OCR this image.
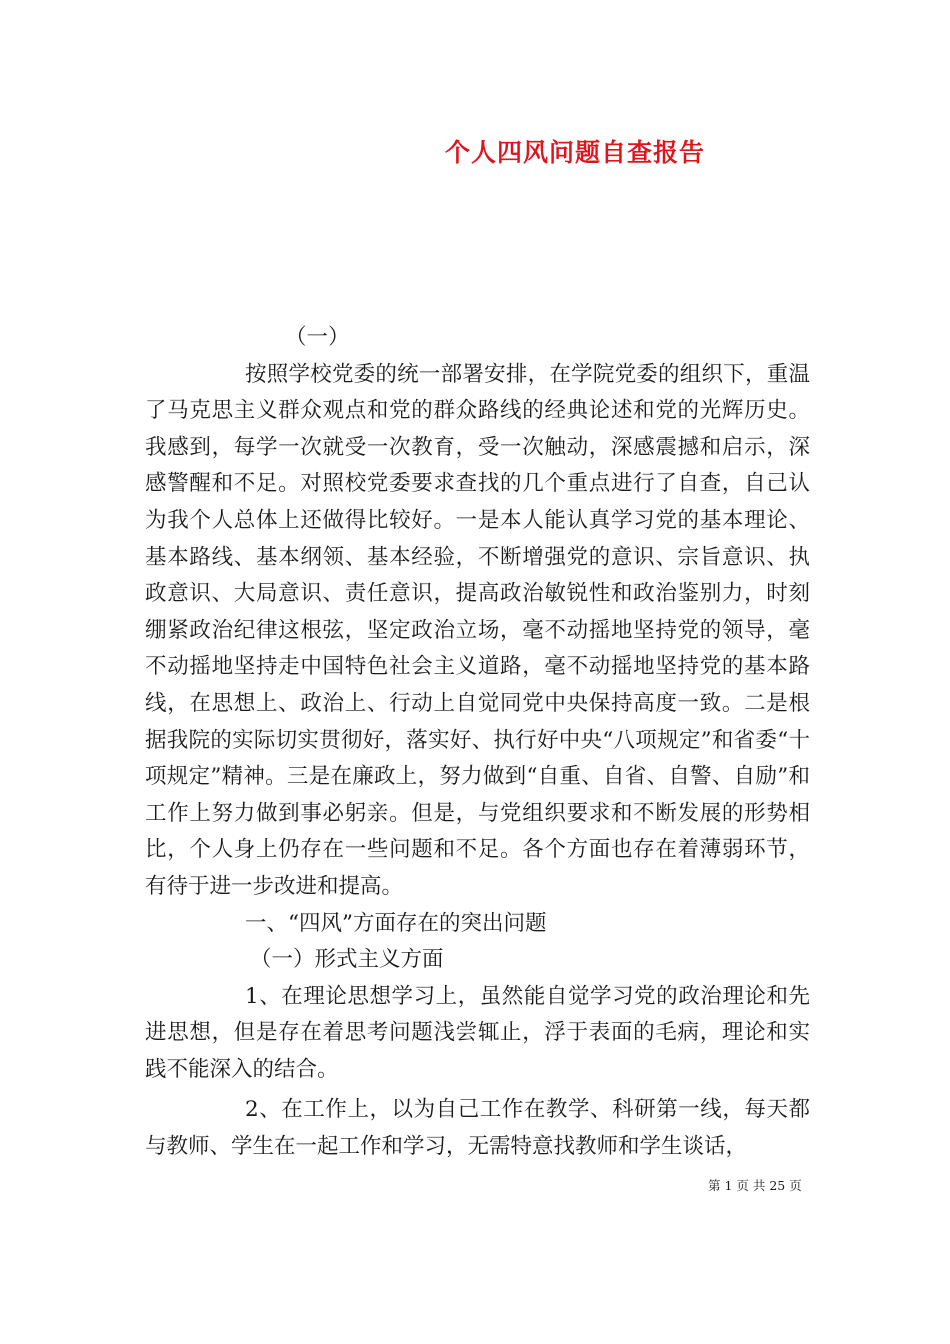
个人四风问题自查报告

（一）

按照学校党委的统一部署安排，在学院党委的组织下，重温了马克思主义群众观点和党的群众路线的经典论述和党的光辉历史。我感到，每学一次就受一次教育，受一次触动，深感震撼和启示，深感警醒和不足。对照校党委要求查找的几个重点进行了自查，自己认为我个人总体上还做得比较好。一是本人能认真学习党的基本理论、基本路线、基本纲领、基本经验，不断增强党的意识、宗旨意识、执政意识、大局意识、责任意识，提高政治敏锐性和政治鉴别力，时刻绷紧政治纪律这根弦，坚定政治立场，毫不动摇地坚持党的领导，毫不动摇地坚持走中国特色社会主义道路，毫不动摇地坚持党的基本路线，在思想上、政治上、行动上自觉同党中央保持高度一致。二是根据我院的实际切实贯彻好，落实好、执行好中央“八项规定”和省委“十项规定”精神。三是在廉政上，努力做到“自重、自省、自警、自励”和工作上努力做到事必躬亲。但是，与党组织要求和不断发展的形势相比，个人身上仍存在一些问题和不足。各个方面也存在着薄弱环节，有待于进一步改进和提高。

一、“四风”方面存在的突出问题

（一）形式主义方面

1、在理论思想学习上，虽然能自觉学习党的政治理论和先进思想，但是存在着思考问题浅尝辄止，浮于表面的毛病，理论和实践不能深入的结合。

2、在工作上，以为自己工作在教学、科研第一线，每天都与教师、学生在一起工作和学习，无需特意找教师和学生谈话，

第 1 页 共 25 页
